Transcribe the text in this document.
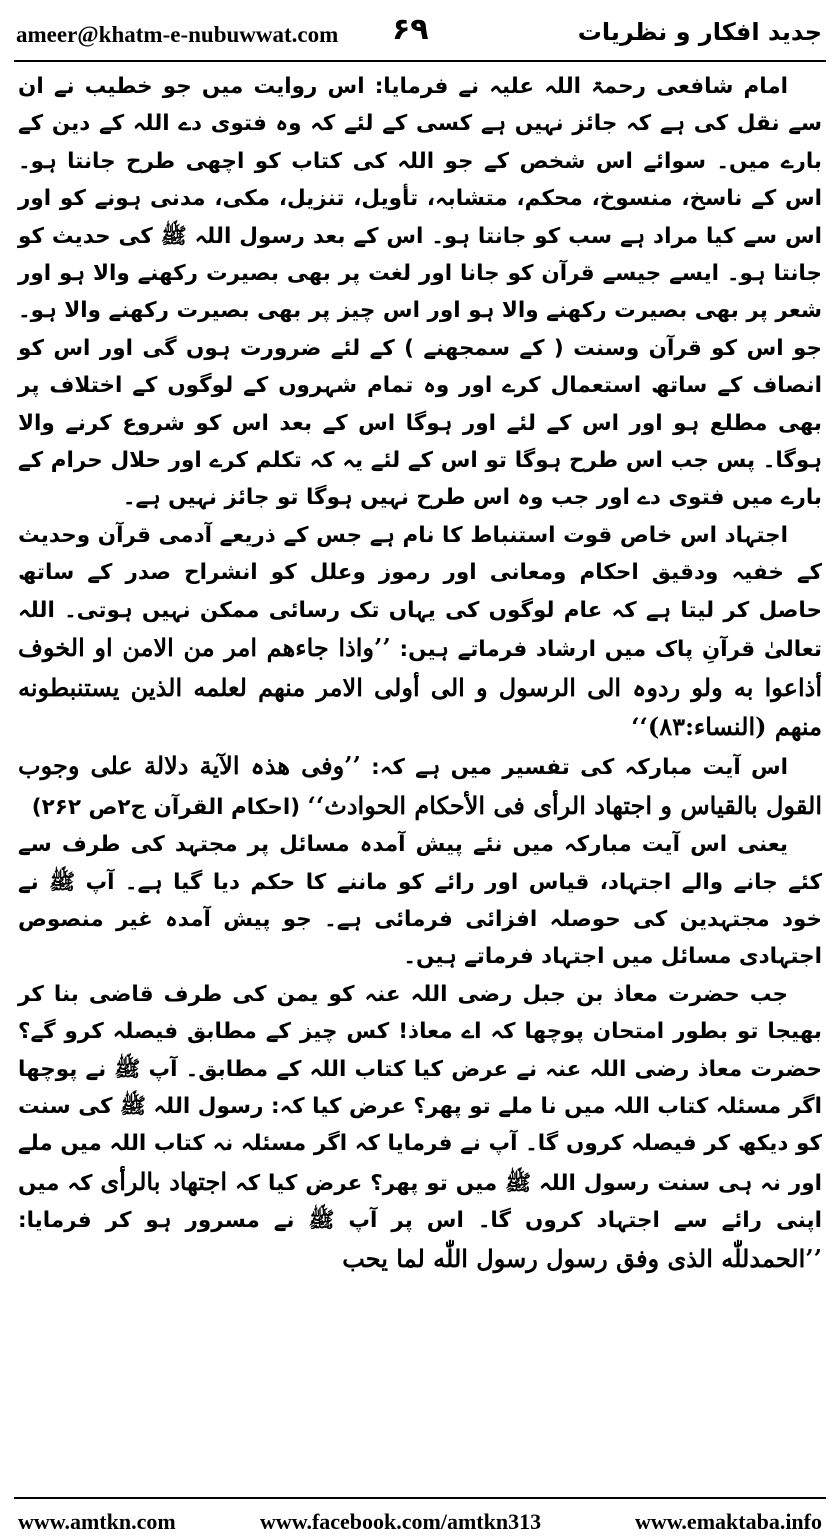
ameer@khatm-e-nubuwwat.com ۶۹	جدید افکار و نظریات

امام شافعی رحمۃ اللہ علیہ نے فرمایا: اس روایت میں جو خطیب نے ان سے نقل کی ہے کہ جائز نہیں ہے کسی کے لئے کہ وہ فتوی دے اللہ کے دین کے بارے میں۔ سوائے اس شخص کے جو اللہ کی کتاب کو اچھی طرح جانتا ہو۔ اس کے ناسخ، منسوخ، محکم، متشابہ، تأویل، تنزیل، مکی، مدنی ہونے کو اور اس سے کیا مراد ہے سب کو جانتا ہو۔ اس کے بعد رسول اللہ ﷺ کی حدیث کو جانتا ہو۔ ایسے جیسے قرآن کو جانا اور لغت پر بھی بصیرت رکھنے والا ہو اور شعر پر بھی بصیرت رکھنے والا ہو اور اس چیز پر بھی بصیرت رکھنے والا ہو۔ جو اس کو قرآن وسنت ( کے سمجھنے ) کے لئے ضرورت ہوں گی اور اس کو انصاف کے ساتھ استعمال کرے اور وہ تمام شہروں کے لوگوں کے اختلاف پر بھی مطلع ہو اور اس کے لئے اور ہوگا اس کے بعد اس کو شروع کرنے والا ہوگا۔ پس جب اس طرح ہوگا تو اس کے لئے یہ کہ تکلم کرے اور حلال حرام کے بارے میں فتوی دے اور جب وہ اس طرح نہیں ہوگا تو جائز نہیں ہے۔

اجتہاد اس خاص قوت استنباط کا نام ہے جس کے ذریعے آدمی قرآن وحدیث کے خفیہ ودقیق احکام ومعانی اور رموز وعلل کو انشراح صدر کے ساتھ حاصل کر لیتا ہے کہ عام لوگوں کی یہاں تک رسائی ممکن نہیں ہوتی۔ اللہ تعالیٰ قرآنِ پاک میں ارشاد فرماتے ہیں: ’’واذا جاءھم امر من الامن او الخوف أذاعوا به ولو ردوہ الی الرسول و الی أولی الامر منھم لعلمه الذین یستنبطونه منھم (النساء:۸۳)‘‘

اس آیت مبارکہ کی تفسیر میں ہے کہ: ’’وفی ھذہ الآیة دلالة علی وجوب القول بالقیاس و اجتھاد الرأی فی الأحکام الحوادث‘‘ (احکام القرآن ج۲ص ۲۶۲)

یعنی اس آیت مبارکہ میں نئے پیش آمدہ مسائل پر مجتہد کی طرف سے کئے جانے والے اجتہاد، قیاس اور رائے کو ماننے کا حکم دیا گیا ہے۔ آپ ﷺ نے خود مجتہدین کی حوصلہ افزائی فرمائی ہے۔ جو پیش آمدہ غیر منصوص اجتہادی مسائل میں اجتہاد فرماتے ہیں۔

جب حضرت معاذ بن جبل رضی اللہ عنہ کو یمن کی طرف قاضی بنا کر بھیجا تو بطور امتحان پوچھا کہ اے معاذ! کس چیز کے مطابق فیصلہ کرو گے؟ حضرت معاذ رضی اللہ عنہ نے عرض کیا کتاب اللہ کے مطابق۔ آپ ﷺ نے پوچھا اگر مسئلہ کتاب اللہ میں نا ملے تو پھر؟ عرض کیا کہ: رسول اللہ ﷺ کی سنت کو دیکھ کر فیصلہ کروں گا۔ آپ نے فرمایا کہ اگر مسئلہ نہ کتاب اللہ میں ملے اور نہ ہی سنت رسول اللہ ﷺ میں تو پھر؟ عرض کیا کہ اجتھاد بالرأی کہ میں اپنی رائے سے اجتہاد کروں گا۔ اس پر آپ ﷺ نے مسرور ہو کر فرمایا: ’’الحمدللّٰه الذی وفق رسول رسول اللّٰه لما یحب

www.amtkn.com	www.facebook.com/amtkn313	www.emaktaba.info
